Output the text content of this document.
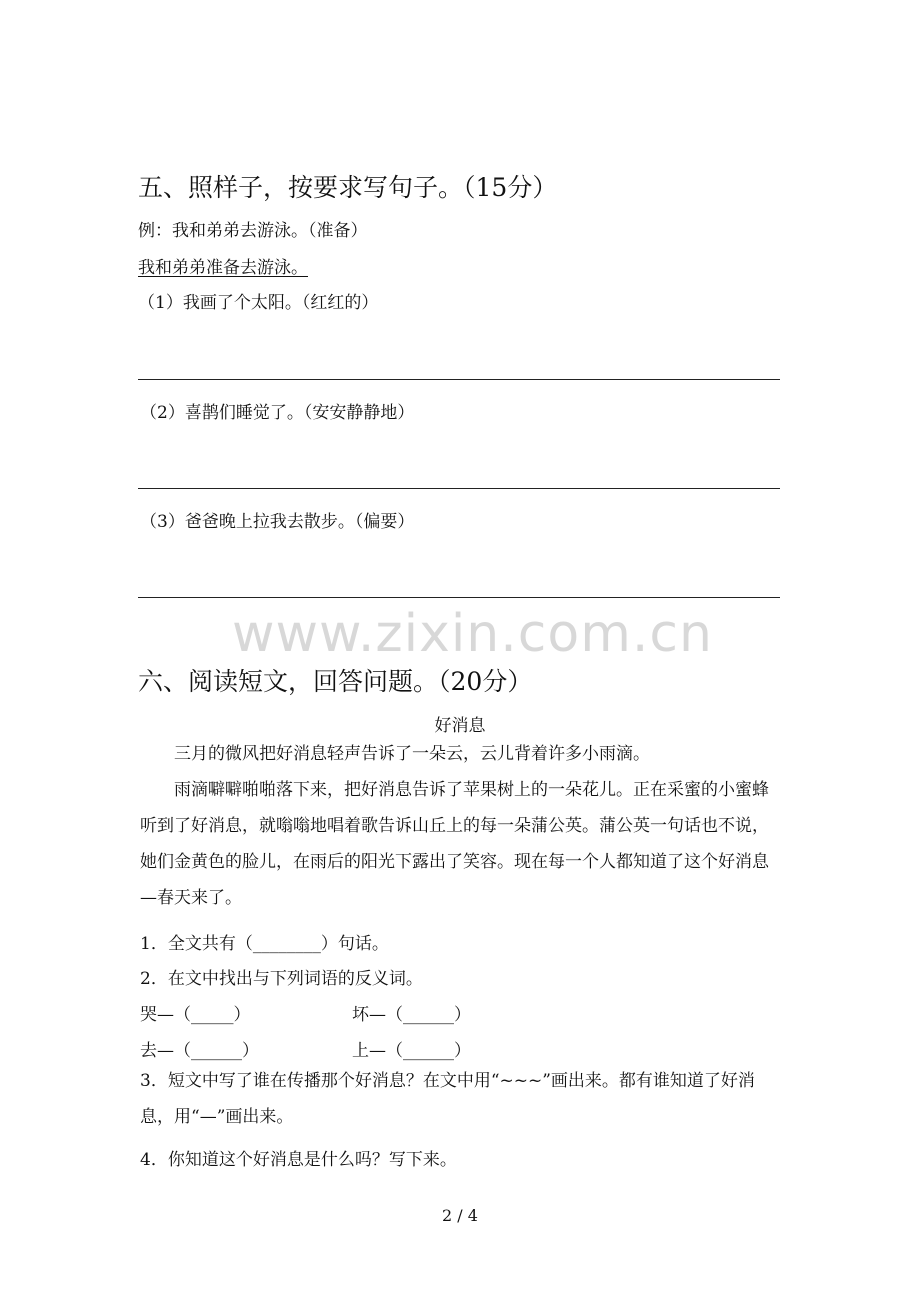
五、照样子，按要求写句子。（15分）
例：我和弟弟去游泳。（准备）
我和弟弟准备去游泳。
（1）我画了个太阳。（红红的）
（2）喜鹊们睡觉了。（安安静静地）
（3）爸爸晚上拉我去散步。（偏要）
www.zixin.com.cn
六、阅读短文，回答问题。（20分）
好消息

三月的微风把好消息轻声告诉了一朵云，云儿背着许多小雨滴。

雨滴噼噼啪啪落下来，把好消息告诉了苹果树上的一朵花儿。正在采蜜的小蜜蜂听到了好消息，就嗡嗡地唱着歌告诉山丘上的每一朵蒲公英。蒲公英一句话也不说，她们金黄色的脸儿，在雨后的阳光下露出了笑容。现在每一个人都知道了这个好消息—春天来了。

1．全文共有（________）句话。
2．在文中找出与下列词语的反义词。
哭—（_____）	坏—（______）
去—（______）	上—（______）
3．短文中写了谁在传播那个好消息？在文中用“~~~”画出来。都有谁知道了好消息，用“—”画出来。
4．你知道这个好消息是什么吗？写下来。
2 / 4
